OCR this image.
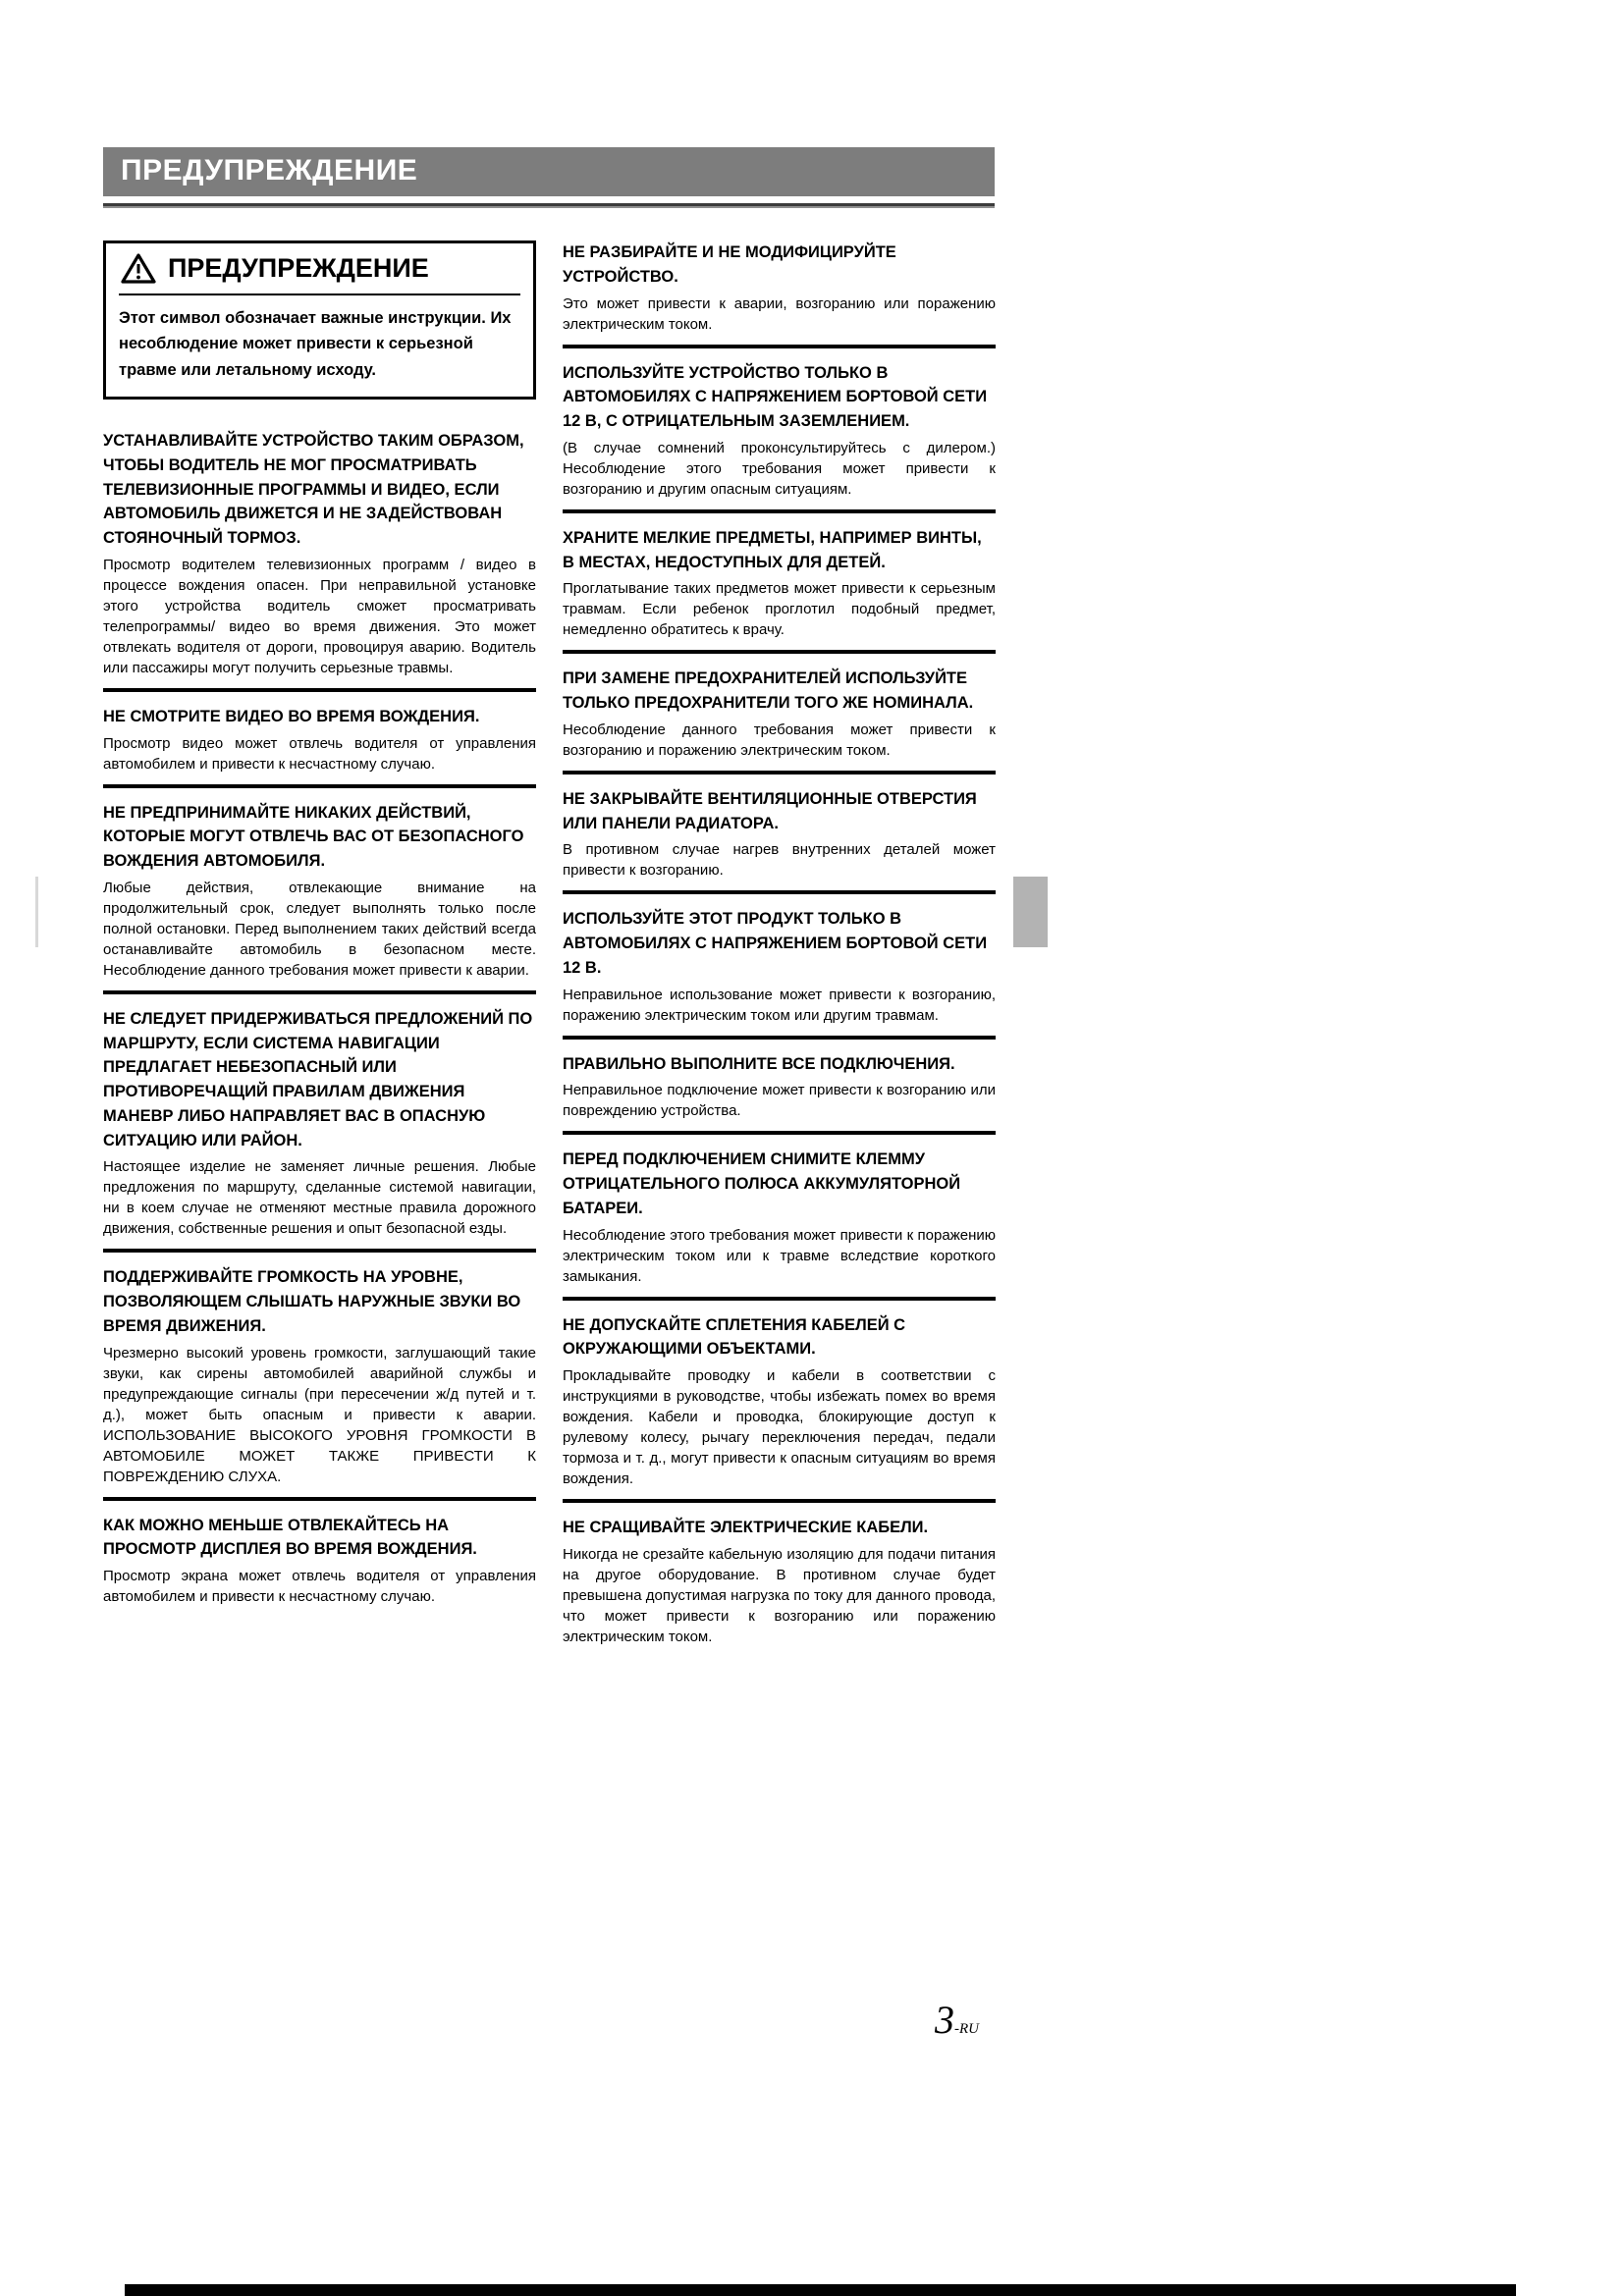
ПРЕДУПРЕЖДЕНИЕ
ПРЕДУПРЕЖДЕНИЕ

Этот символ обозначает важные инструкции. Их несоблюдение может привести к серьезной травме или летальному исходу.

УСТАНАВЛИВАЙТЕ УСТРОЙСТВО ТАКИМ ОБРАЗОМ, ЧТОБЫ ВОДИТЕЛЬ НЕ МОГ ПРОСМАТРИВАТЬ ТЕЛЕВИЗИОННЫЕ ПРОГРАММЫ И ВИДЕО, ЕСЛИ АВТОМОБИЛЬ ДВИЖЕТСЯ И НЕ ЗАДЕЙСТВОВАН СТОЯНОЧНЫЙ ТОРМОЗ.

Просмотр водителем телевизионных программ / видео в процессе вождения опасен. При неправильной установке этого устройства водитель сможет просматривать телепрограммы/ видео во время движения. Это может отвлекать водителя от дороги, провоцируя аварию. Водитель или пассажиры могут получить серьезные травмы.

НЕ СМОТРИТЕ ВИДЕО ВО ВРЕМЯ ВОЖДЕНИЯ.

Просмотр видео может отвлечь водителя от управления автомобилем и привести к несчастному случаю.

НЕ ПРЕДПРИНИМАЙТЕ НИКАКИХ ДЕЙСТВИЙ, КОТОРЫЕ МОГУТ ОТВЛЕЧЬ ВАС ОТ БЕЗОПАСНОГО ВОЖДЕНИЯ АВТОМОБИЛЯ.

Любые действия, отвлекающие внимание на продолжительный срок, следует выполнять только после полной остановки. Перед выполнением таких действий всегда останавливайте автомобиль в безопасном месте. Несоблюдение данного требования может привести к аварии.

НЕ СЛЕДУЕТ ПРИДЕРЖИВАТЬСЯ ПРЕДЛОЖЕНИЙ ПО МАРШРУТУ, ЕСЛИ СИСТЕМА НАВИГАЦИИ ПРЕДЛАГАЕТ НЕБЕЗОПАСНЫЙ ИЛИ ПРОТИВОРЕЧАЩИЙ ПРАВИЛАМ ДВИЖЕНИЯ МАНЕВР ЛИБО НАПРАВЛЯЕТ ВАС В ОПАСНУЮ СИТУАЦИЮ ИЛИ РАЙОН.

Настоящее изделие не заменяет личные решения. Любые предложения по маршруту, сделанные системой навигации, ни в коем случае не отменяют местные правила дорожного движения, собственные решения и опыт безопасной езды.

ПОДДЕРЖИВАЙТЕ ГРОМКОСТЬ НА УРОВНЕ, ПОЗВОЛЯЮЩЕМ СЛЫШАТЬ НАРУЖНЫЕ ЗВУКИ ВО ВРЕМЯ ДВИЖЕНИЯ.

Чрезмерно высокий уровень громкости, заглушающий такие звуки, как сирены автомобилей аварийной службы и предупреждающие сигналы (при пересечении ж/д путей и т. д.), может быть опасным и привести к аварии. ИСПОЛЬЗОВАНИЕ ВЫСОКОГО УРОВНЯ ГРОМКОСТИ В АВТОМОБИЛЕ МОЖЕТ ТАКЖЕ ПРИВЕСТИ К ПОВРЕЖДЕНИЮ СЛУХА.

КАК МОЖНО МЕНЬШЕ ОТВЛЕКАЙТЕСЬ НА ПРОСМОТР ДИСПЛЕЯ ВО ВРЕМЯ ВОЖДЕНИЯ.

Просмотр экрана может отвлечь водителя от управления автомобилем и привести к несчастному случаю.

НЕ РАЗБИРАЙТЕ И НЕ МОДИФИЦИРУЙТЕ УСТРОЙСТВО.

Это может привести к аварии, возгоранию или поражению электрическим током.

ИСПОЛЬЗУЙТЕ УСТРОЙСТВО ТОЛЬКО В АВТОМОБИЛЯХ С НАПРЯЖЕНИЕМ БОРТОВОЙ СЕТИ 12 В, С ОТРИЦАТЕЛЬНЫМ ЗАЗЕМЛЕНИЕМ.

(В случае сомнений проконсультируйтесь с дилером.) Несоблюдение этого требования может привести к возгоранию и другим опасным ситуациям.

ХРАНИТЕ МЕЛКИЕ ПРЕДМЕТЫ, НАПРИМЕР ВИНТЫ, В МЕСТАХ, НЕДОСТУПНЫХ ДЛЯ ДЕТЕЙ.

Проглатывание таких предметов может привести к серьезным травмам. Если ребенок проглотил подобный предмет, немедленно обратитесь к врачу.

ПРИ ЗАМЕНЕ ПРЕДОХРАНИТЕЛЕЙ ИСПОЛЬЗУЙТЕ ТОЛЬКО ПРЕДОХРАНИТЕЛИ ТОГО ЖЕ НОМИНАЛА.

Несоблюдение данного требования может привести к возгоранию и поражению электрическим током.

НЕ ЗАКРЫВАЙТЕ ВЕНТИЛЯЦИОННЫЕ ОТВЕРСТИЯ ИЛИ ПАНЕЛИ РАДИАТОРА.

В противном случае нагрев внутренних деталей может привести к возгоранию.

ИСПОЛЬЗУЙТЕ ЭТОТ ПРОДУКТ ТОЛЬКО В АВТОМОБИЛЯХ С НАПРЯЖЕНИЕМ БОРТОВОЙ СЕТИ 12 В.

Неправильное использование может привести к возгоранию, поражению электрическим током или другим травмам.

ПРАВИЛЬНО ВЫПОЛНИТЕ ВСЕ ПОДКЛЮЧЕНИЯ.

Неправильное подключение может привести к возгоранию или повреждению устройства.

ПЕРЕД ПОДКЛЮЧЕНИЕМ СНИМИТЕ КЛЕММУ ОТРИЦАТЕЛЬНОГО ПОЛЮСА АККУМУЛЯТОРНОЙ БАТАРЕИ.

Несоблюдение этого требования может привести к поражению электрическим током или к травме вследствие короткого замыкания.

НЕ ДОПУСКАЙТЕ СПЛЕТЕНИЯ КАБЕЛЕЙ С ОКРУЖАЮЩИМИ ОБЪЕКТАМИ.

Прокладывайте проводку и кабели в соответствии с инструкциями в руководстве, чтобы избежать помех во время вождения. Кабели и проводка, блокирующие доступ к рулевому колесу, рычагу переключения передач, педали тормоза и т. д., могут привести к опасным ситуациям во время вождения.

НЕ СРАЩИВАЙТЕ ЭЛЕКТРИЧЕСКИЕ КАБЕЛИ.

Никогда не срезайте кабельную изоляцию для подачи питания на другое оборудование. В противном случае будет превышена допустимая нагрузка по току для данного провода, что может привести к возгоранию или поражению электрическим током.

3-RU
